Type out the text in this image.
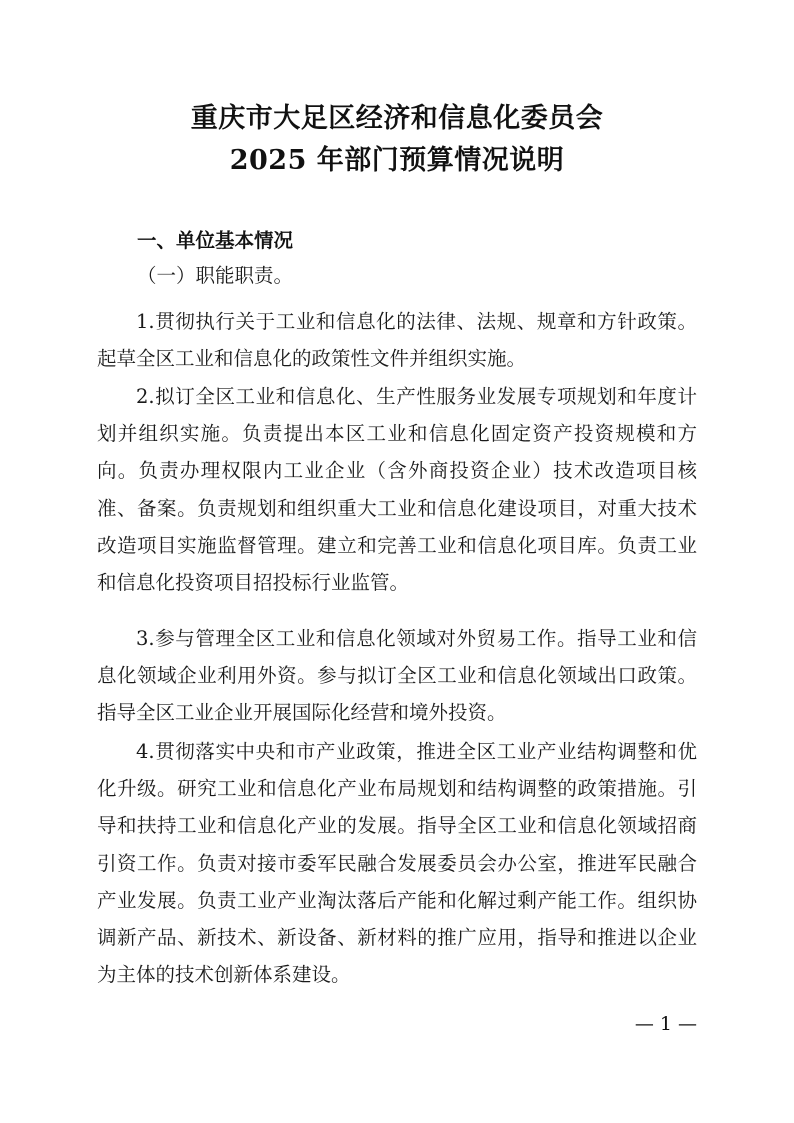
重庆市大足区经济和信息化委员会
2025 年部门预算情况说明
一、单位基本情况
（一）职能职责。
1.贯彻执行关于工业和信息化的法律、法规、规章和方针政策。起草全区工业和信息化的政策性文件并组织实施。
2.拟订全区工业和信息化、生产性服务业发展专项规划和年度计划并组织实施。负责提出本区工业和信息化固定资产投资规模和方向。负责办理权限内工业企业（含外商投资企业）技术改造项目核准、备案。负责规划和组织重大工业和信息化建设项目，对重大技术改造项目实施监督管理。建立和完善工业和信息化项目库。负责工业和信息化投资项目招投标行业监管。
3.参与管理全区工业和信息化领域对外贸易工作。指导工业和信息化领域企业利用外资。参与拟订全区工业和信息化领域出口政策。指导全区工业企业开展国际化经营和境外投资。
4.贯彻落实中央和市产业政策，推进全区工业产业结构调整和优化升级。研究工业和信息化产业布局规划和结构调整的政策措施。引导和扶持工业和信息化产业的发展。指导全区工业和信息化领域招商引资工作。负责对接市委军民融合发展委员会办公室，推进军民融合产业发展。负责工业产业淘汰落后产能和化解过剩产能工作。组织协调新产品、新技术、新设备、新材料的推广应用，指导和推进以企业为主体的技术创新体系建设。
— 1 —
